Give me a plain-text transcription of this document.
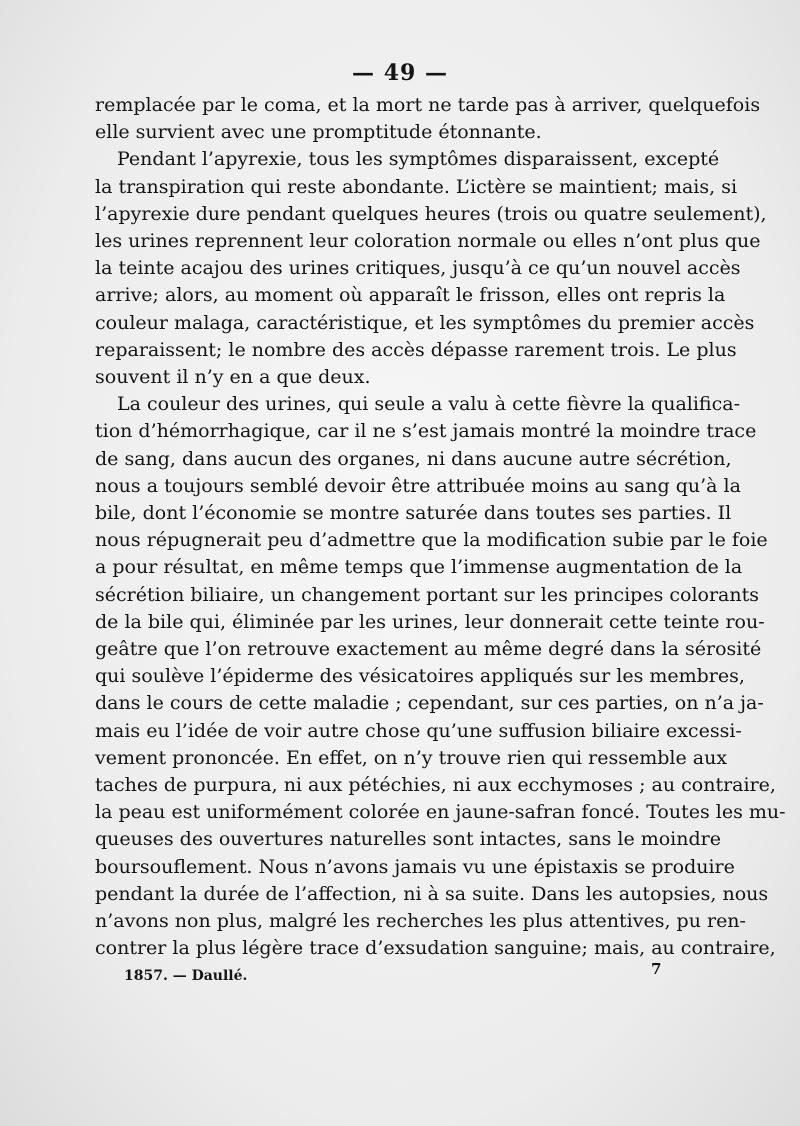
— 49 —
remplacée par le coma, et la mort ne tarde pas à arriver, quelquefois
elle survient avec une promptitude étonnante.
Pendant l’apyrexie, tous les symptômes disparaissent, excepté
la transpiration qui reste abondante. L’ictère se maintient; mais, si
l’apyrexie dure pendant quelques heures (trois ou quatre seulement),
les urines reprennent leur coloration normale ou elles n’ont plus que
la teinte acajou des urines critiques, jusqu’à ce qu’un nouvel accès
arrive; alors, au moment où apparaît le frisson, elles ont repris la
couleur malaga, caractéristique, et les symptômes du premier accès
reparaissent; le nombre des accès dépasse rarement trois. Le plus
souvent il n’y en a que deux.
La couleur des urines, qui seule a valu à cette fièvre la qualifica-
tion d’hémorrhagique, car il ne s’est jamais montré la moindre trace
de sang, dans aucun des organes, ni dans aucune autre sécrétion,
nous a toujours semblé devoir être attribuée moins au sang qu’à la
bile, dont l’économie se montre saturée dans toutes ses parties. Il
nous répugnerait peu d’admettre que la modification subie par le foie
a pour résultat, en même temps que l’immense augmentation de la
sécrétion biliaire, un changement portant sur les principes colorants
de la bile qui, éliminée par les urines, leur donnerait cette teinte rou-
geâtre que l’on retrouve exactement au même degré dans la sérosité
qui soulève l’épiderme des vésicatoires appliqués sur les membres,
dans le cours de cette maladie ; cependant, sur ces parties, on n’a ja-
mais eu l’idée de voir autre chose qu’une suffusion biliaire excessi-
vement prononcée. En effet, on n’y trouve rien qui ressemble aux
taches de purpura, ni aux pétéchies, ni aux ecchymoses ; au contraire,
la peau est uniformément colorée en jaune-safran foncé. Toutes les mu-
queuses des ouvertures naturelles sont intactes, sans le moindre
boursouflement. Nous n’avons jamais vu une épistaxis se produire
pendant la durée de l’affection, ni à sa suite. Dans les autopsies, nous
n’avons non plus, malgré les recherches les plus attentives, pu ren-
contrer la plus légère trace d’exsudation sanguine; mais, au contraire,
1857. — Daullé.	7
